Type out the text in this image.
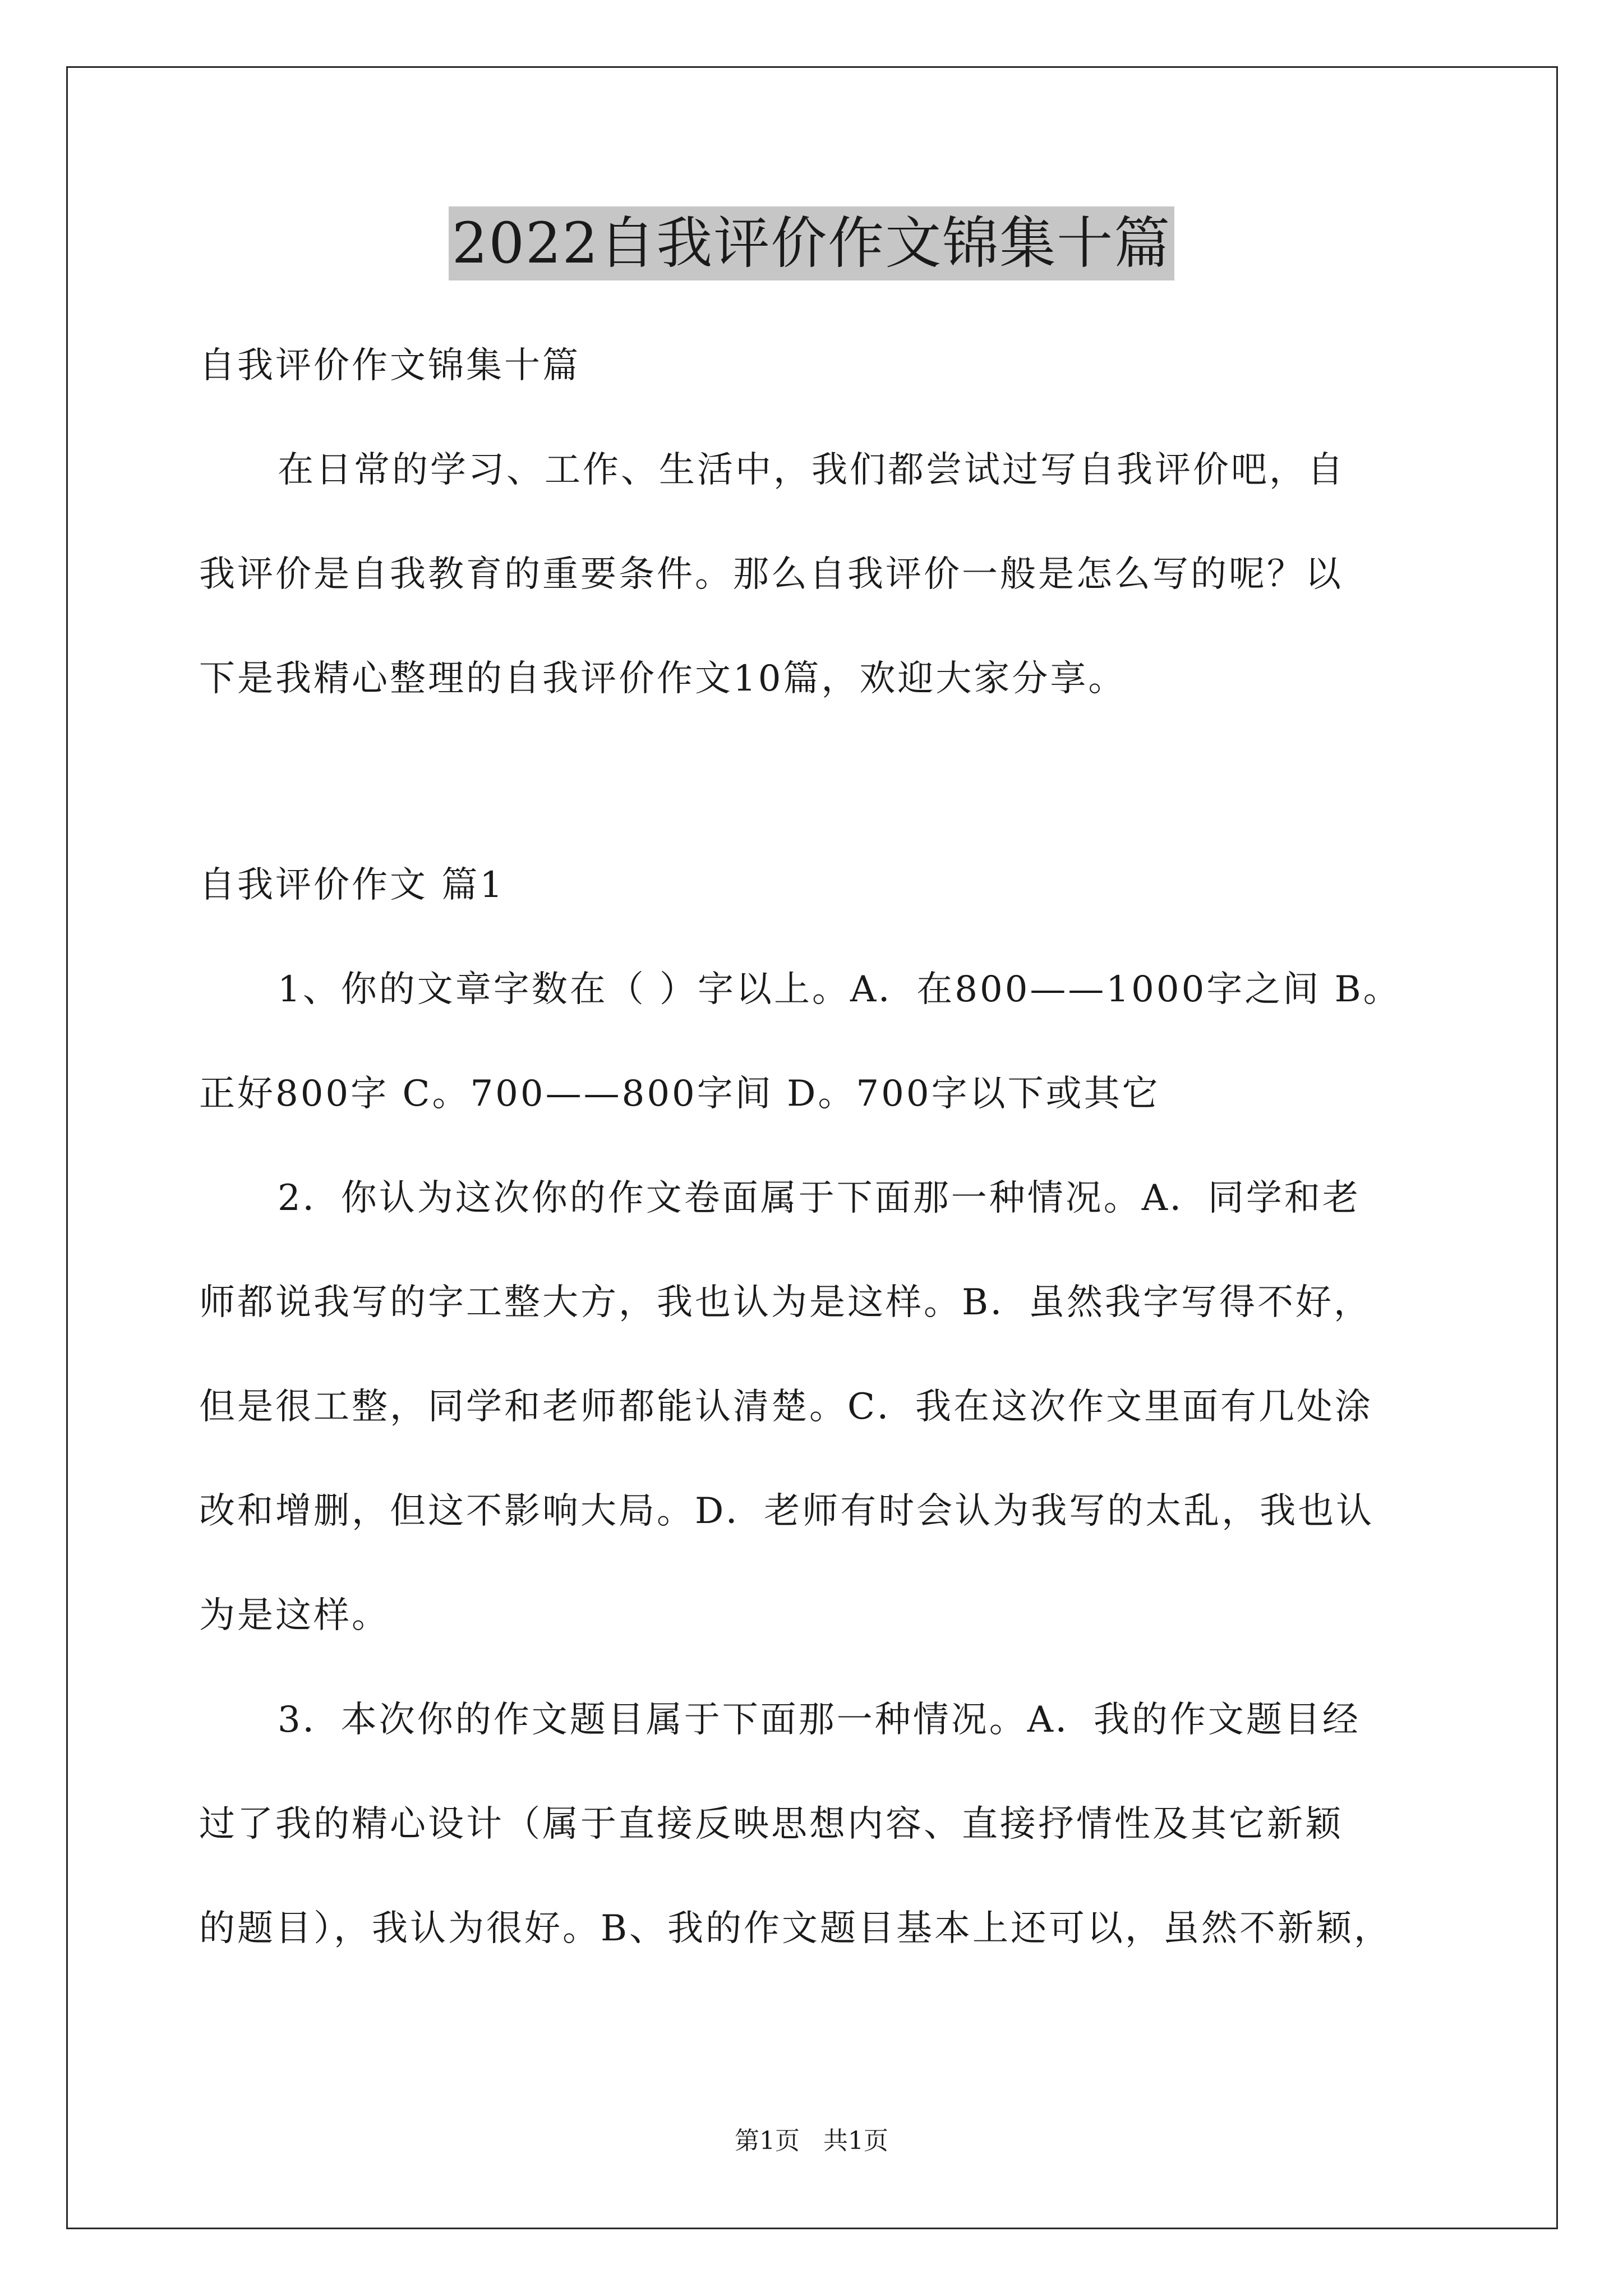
2022自我评价作文锦集十篇
自我评价作文锦集十篇

在日常的学习、工作、生活中，我们都尝试过写自我评价吧，自

我评价是自我教育的重要条件。那么自我评价一般是怎么写的呢？以

下是我精心整理的自我评价作文10篇，欢迎大家分享。

自我评价作文 篇1

1、你的文章字数在（ ）字以上。A．在800——1000字之间 B。

正好800字 C。700——800字间 D。700字以下或其它

2．你认为这次你的作文卷面属于下面那一种情况。A．同学和老

师都说我写的字工整大方，我也认为是这样。B．虽然我字写得不好，

但是很工整，同学和老师都能认清楚。C．我在这次作文里面有几处涂

改和增删，但这不影响大局。D．老师有时会认为我写的太乱，我也认

为是这样。

3．本次你的作文题目属于下面那一种情况。A．我的作文题目经

过了我的精心设计（属于直接反映思想内容、直接抒情性及其它新颖

的题目），我认为很好。B、我的作文题目基本上还可以，虽然不新颖，

第1页   共1页
